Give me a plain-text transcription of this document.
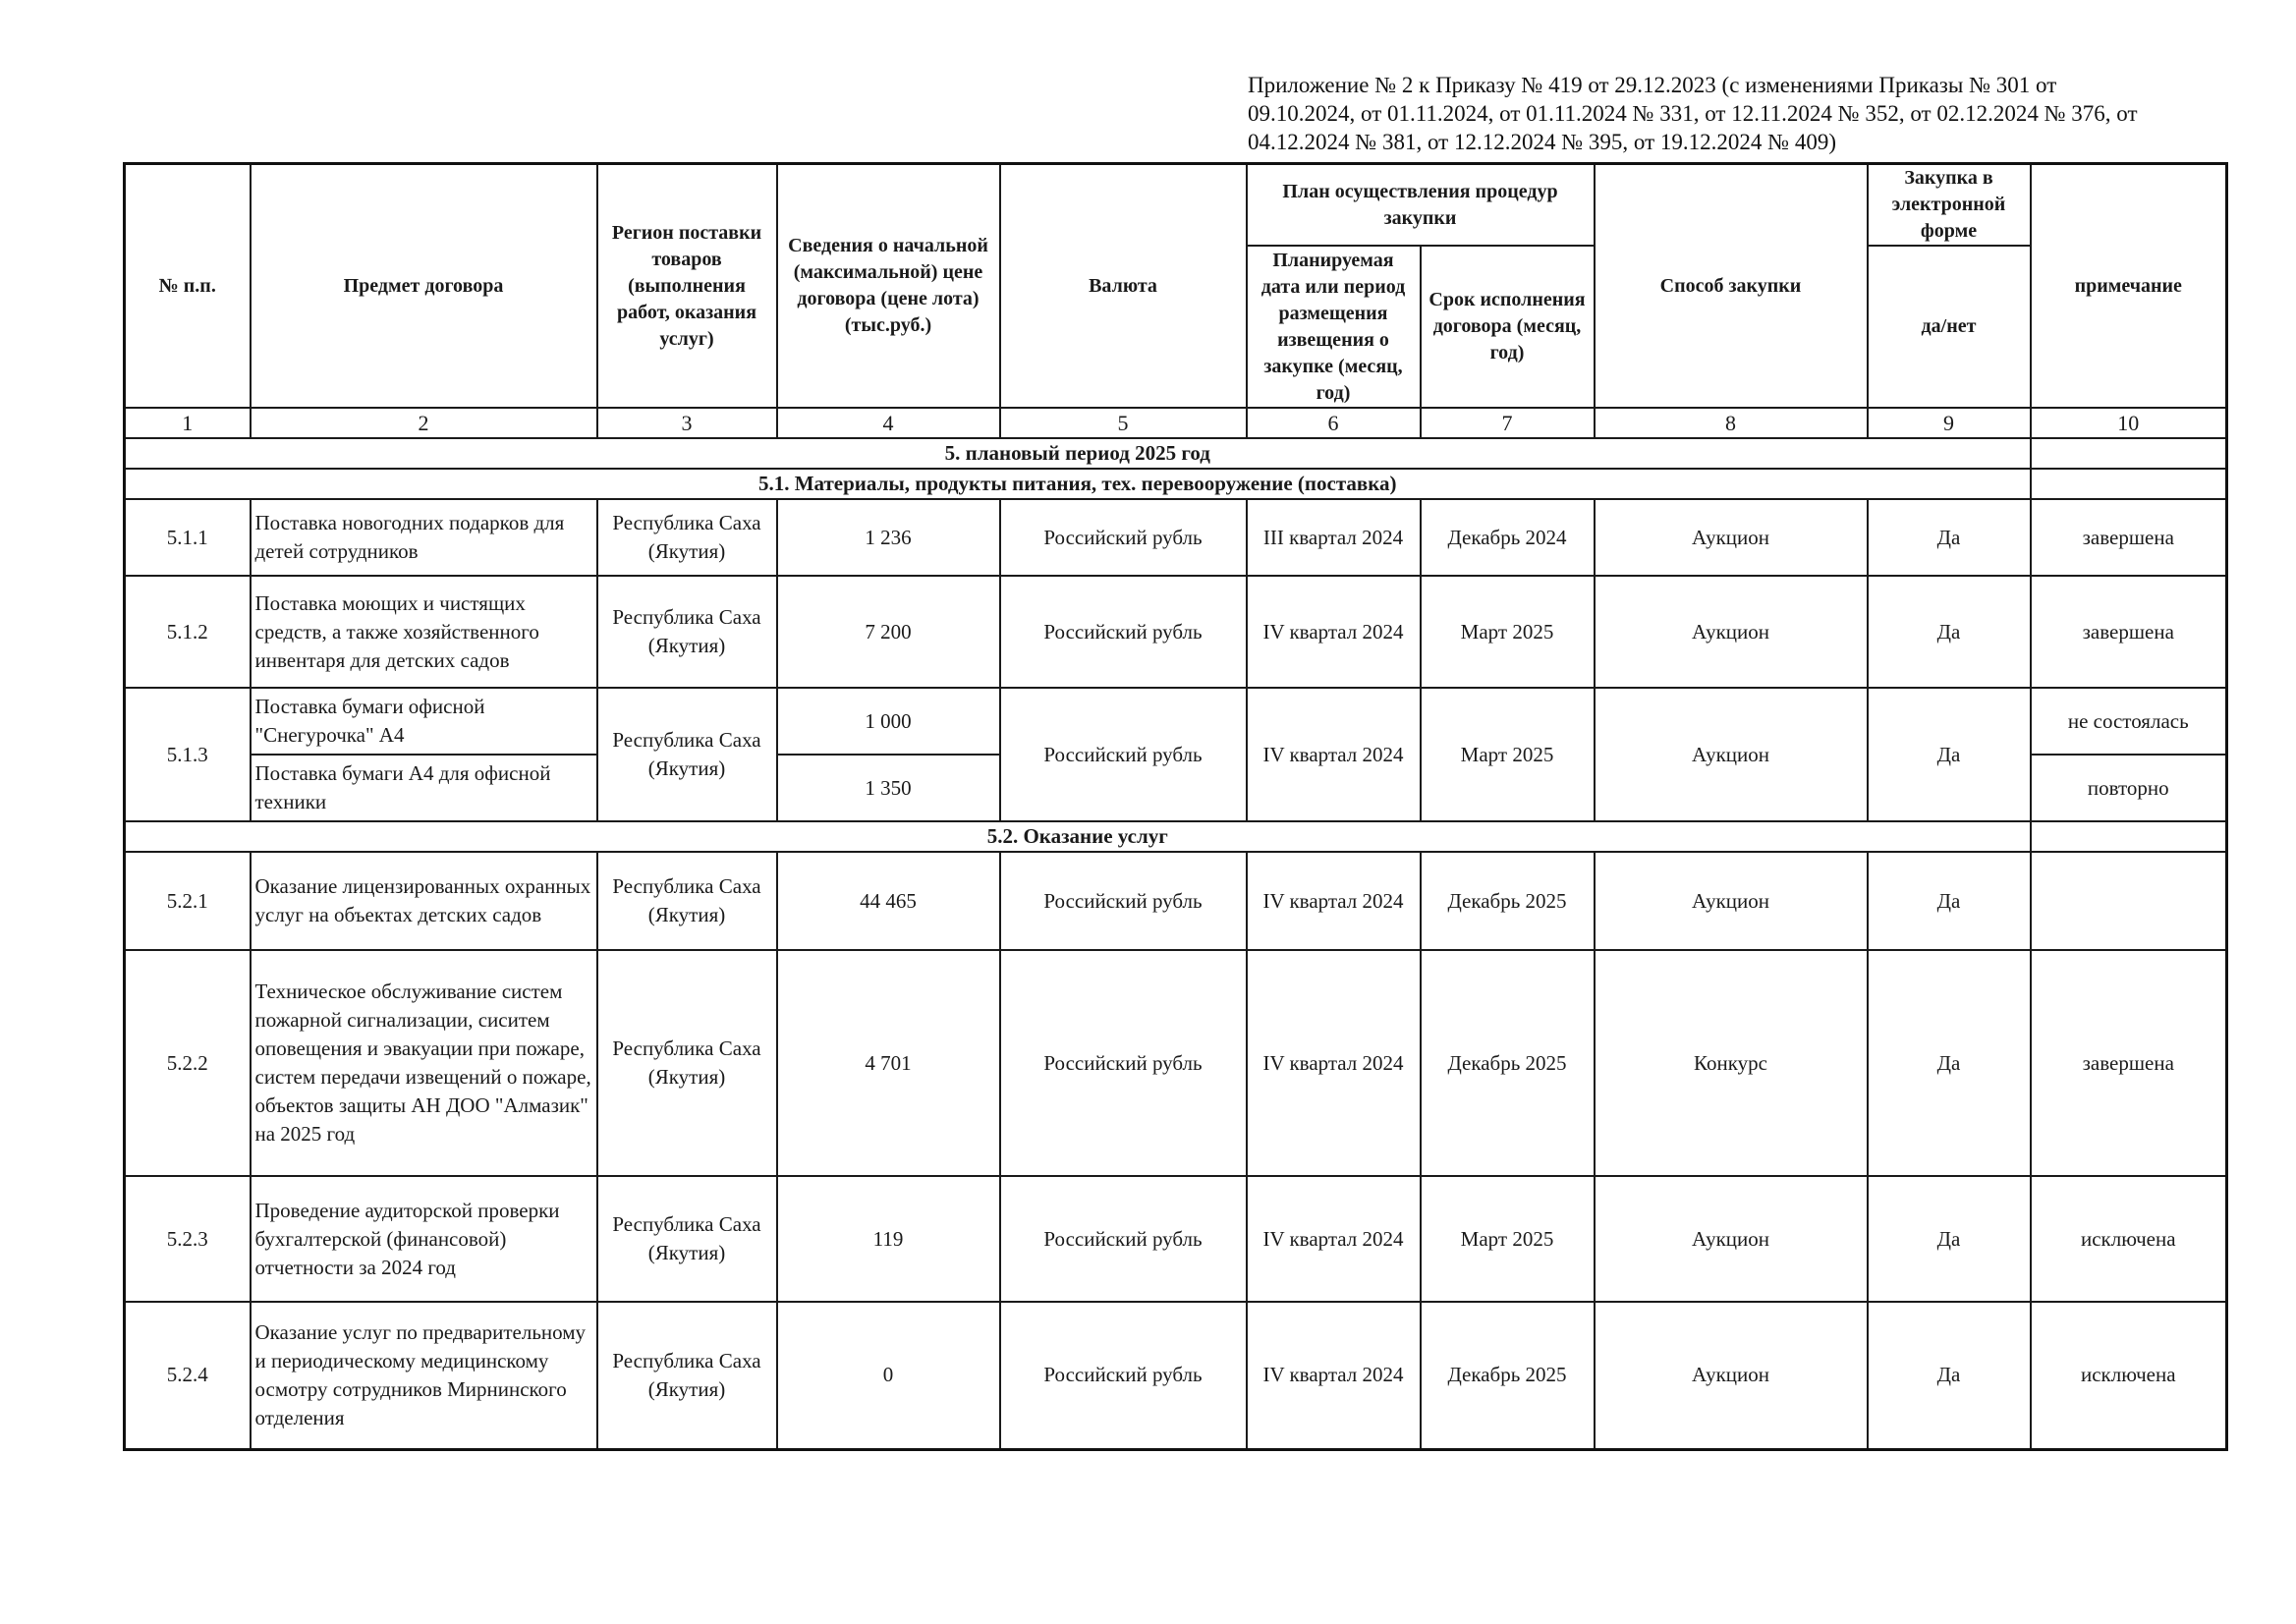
Приложение № 2 к Приказу № 419 от 29.12.2023 (с изменениями Приказы № 301 от
09.10.2024, от 01.11.2024, от 01.11.2024 № 331, от 12.11.2024 № 352, от 02.12.2024 № 376, от
04.12.2024 № 381, от 12.12.2024 № 395, от 19.12.2024 № 409)
№ п.п.	Предмет договора	Регион поставки товаров (выполнения работ, оказания услуг)	Сведения о начальной (максимальной) цене договора (цене лота) (тыс.руб.)	Валюта	План осуществления процедур закупки		Способ закупки	Закупка в электронной форме	примечание
					Планируемая дата или период размещения извещения о закупке (месяц, год)	Срок исполнения договора (месяц, год)		да/нет	
1	2	3	4	5	6	7	8	9	10
5. плановый период 2025 год									
5.1. Материалы, продукты питания, тех. перевооружение (поставка)									
5.1.1	Поставка новогодних подарков для детей сотрудников	Республика Саха (Якутия)	1 236	Российский рубль	III квартал 2024	Декабрь 2024	Аукцион	Да	завершена
5.1.2	Поставка моющих и чистящих средств, а также хозяйственного инвентаря для детских садов	Республика Саха (Якутия)	7 200	Российский рубль	IV квартал 2024	Март 2025	Аукцион	Да	завершена
5.1.3	Поставка бумаги офисной "Снегурочка" А4	Республика Саха (Якутия)	1 000	Российский рубль	IV квартал 2024	Март 2025	Аукцион	Да	не состоялась
	Поставка бумаги А4 для офисной техники		1 350						повторно
5.2. Оказание услуг									
5.2.1	Оказание лицензированных охранных услуг на объектах детских садов	Республика Саха (Якутия)	44 465	Российский рубль	IV квартал 2024	Декабрь 2025	Аукцион	Да	
5.2.2	Техническое обслуживание систем пожарной сигнализации, сиситем оповещения и эвакуации при пожаре, систем передачи извещений о пожаре, объектов защиты АН ДОО "Алмазик" на 2025 год	Республика Саха (Якутия)	4 701	Российский рубль	IV квартал 2024	Декабрь 2025	Конкурс	Да	завершена
5.2.3	Проведение аудиторской проверки бухгалтерской (финансовой) отчетности за 2024 год	Республика Саха (Якутия)	119	Российский рубль	IV квартал 2024	Март 2025	Аукцион	Да	исключена
5.2.4	Оказание услуг по предварительному и периодическому медицинскому осмотру сотрудников Мирнинского отделения	Республика Саха (Якутия)	0	Российский рубль	IV квартал 2024	Декабрь 2025	Аукцион	Да	исключена
